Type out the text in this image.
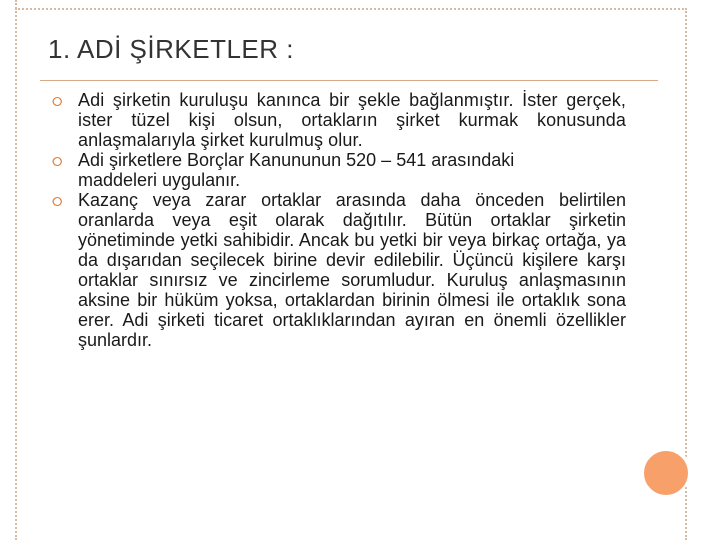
1. ADİ ŞİRKETLER :
⭘ Adi şirketin kuruluşu kanınca bir şekle bağlanmıştır. İster gerçek, ister tüzel kişi olsun, ortakların şirket kurmak konusunda anlaşmalarıyla şirket kurulmuş olur.
⭘ Adi şirketlere Borçlar Kanununun 520 – 541 arasındaki maddeleri uygulanır.
⭘ Kazanç veya zarar ortaklar arasında daha önceden belirtilen oranlarda veya eşit olarak dağıtılır. Bütün ortaklar şirketin yönetiminde yetki sahibidir. Ancak bu yetki bir veya birkaç ortağa, ya da dışarıdan seçilecek birine devir edilebilir. Üçüncü kişilere karşı ortaklar sınırsız ve zincirleme sorumludur. Kuruluş anlaşmasının aksine bir hüküm yoksa, ortaklardan birinin ölmesi ile ortaklık sona erer. Adi şirketi ticaret ortaklıklarından ayıran en önemli özellikler şunlardır.
